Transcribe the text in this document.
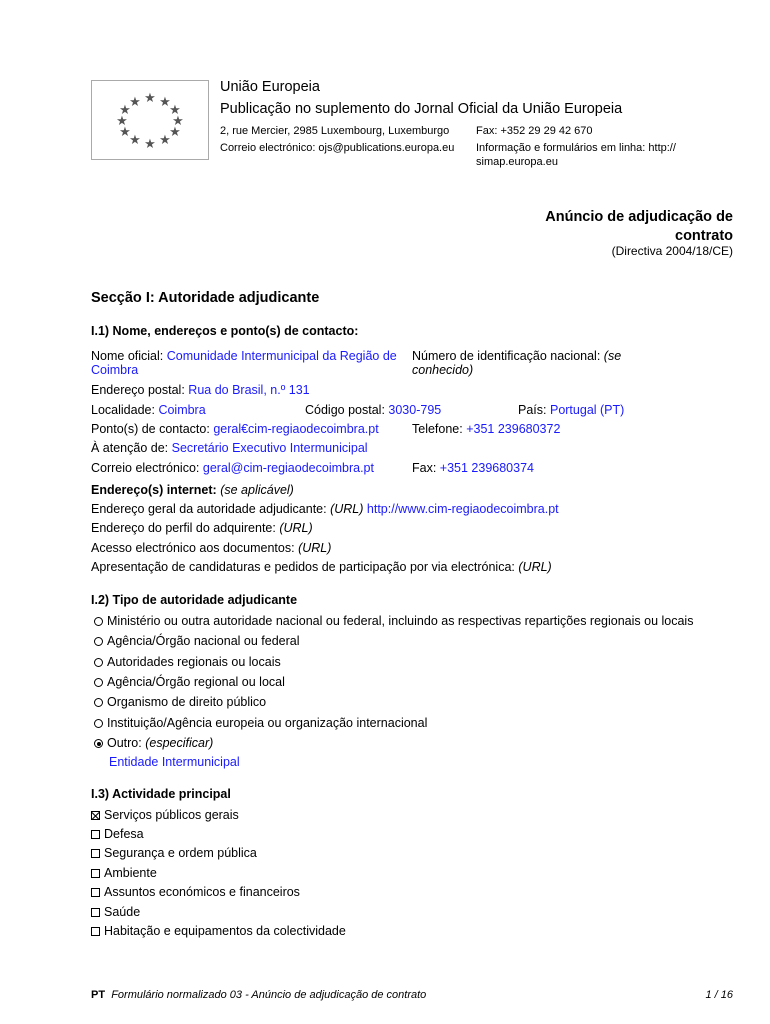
★ ★
★
★
★
★
★
★
★
★
★
★
União Europeia
Publicação no suplemento do Jornal Oficial da União Europeia
2, rue Mercier, 2985 Luxembourg, Luxemburgo Fax: +352 29 29 42 670
Correio electrónico: ojs@publications.europa.eu Informação e formulários em linha: http://
simap.europa.eu
Anúncio de adjudicação de
contrato
(Directiva 2004/18/CE)
Secção I: Autoridade adjudicante
I.1) Nome, endereços e ponto(s) de contacto:
Nome oficial: Comunidade Intermunicipal da Região de
Coimbra
Número de identificação nacional: (se
conhecido)
Endereço postal: Rua do Brasil, n.º 131
Localidade: Coimbra	Código postal: 3030-795	País: Portugal (PT)
Ponto(s) de contacto: geral€cim-regiaodecoimbra.pt	Telefone: +351 239680372
À atenção de: Secretário Executivo Intermunicipal
Correio electrónico: geral@cim-regiaodecoimbra.pt	Fax: +351 239680374
Endereço(s) internet: (se aplicável)
Endereço geral da autoridade adjudicante: (URL) http://www.cim-regiaodecoimbra.pt
Endereço do perfil do adquirente: (URL)
Acesso electrónico aos documentos: (URL)
Apresentação de candidaturas e pedidos de participação por via electrónica: (URL)
I.2) Tipo de autoridade adjudicante
Ministério ou outra autoridade nacional ou federal, incluindo as respectivas repartições regionais ou locais
Agência/Órgão nacional ou federal
Autoridades regionais ou locais
Agência/Órgão regional ou local
Organismo de direito público
Instituição/Agência europeia ou organização internacional
Outro: (especificar)
Entidade Intermunicipal
I.3) Actividade principal
Serviços públicos gerais
Defesa
Segurança e ordem pública
Ambiente
Assuntos económicos e financeiros
Saúde
Habitação e equipamentos da colectividade
PT Formulário normalizado 03 - Anúncio de adjudicação de contrato	1 / 16
